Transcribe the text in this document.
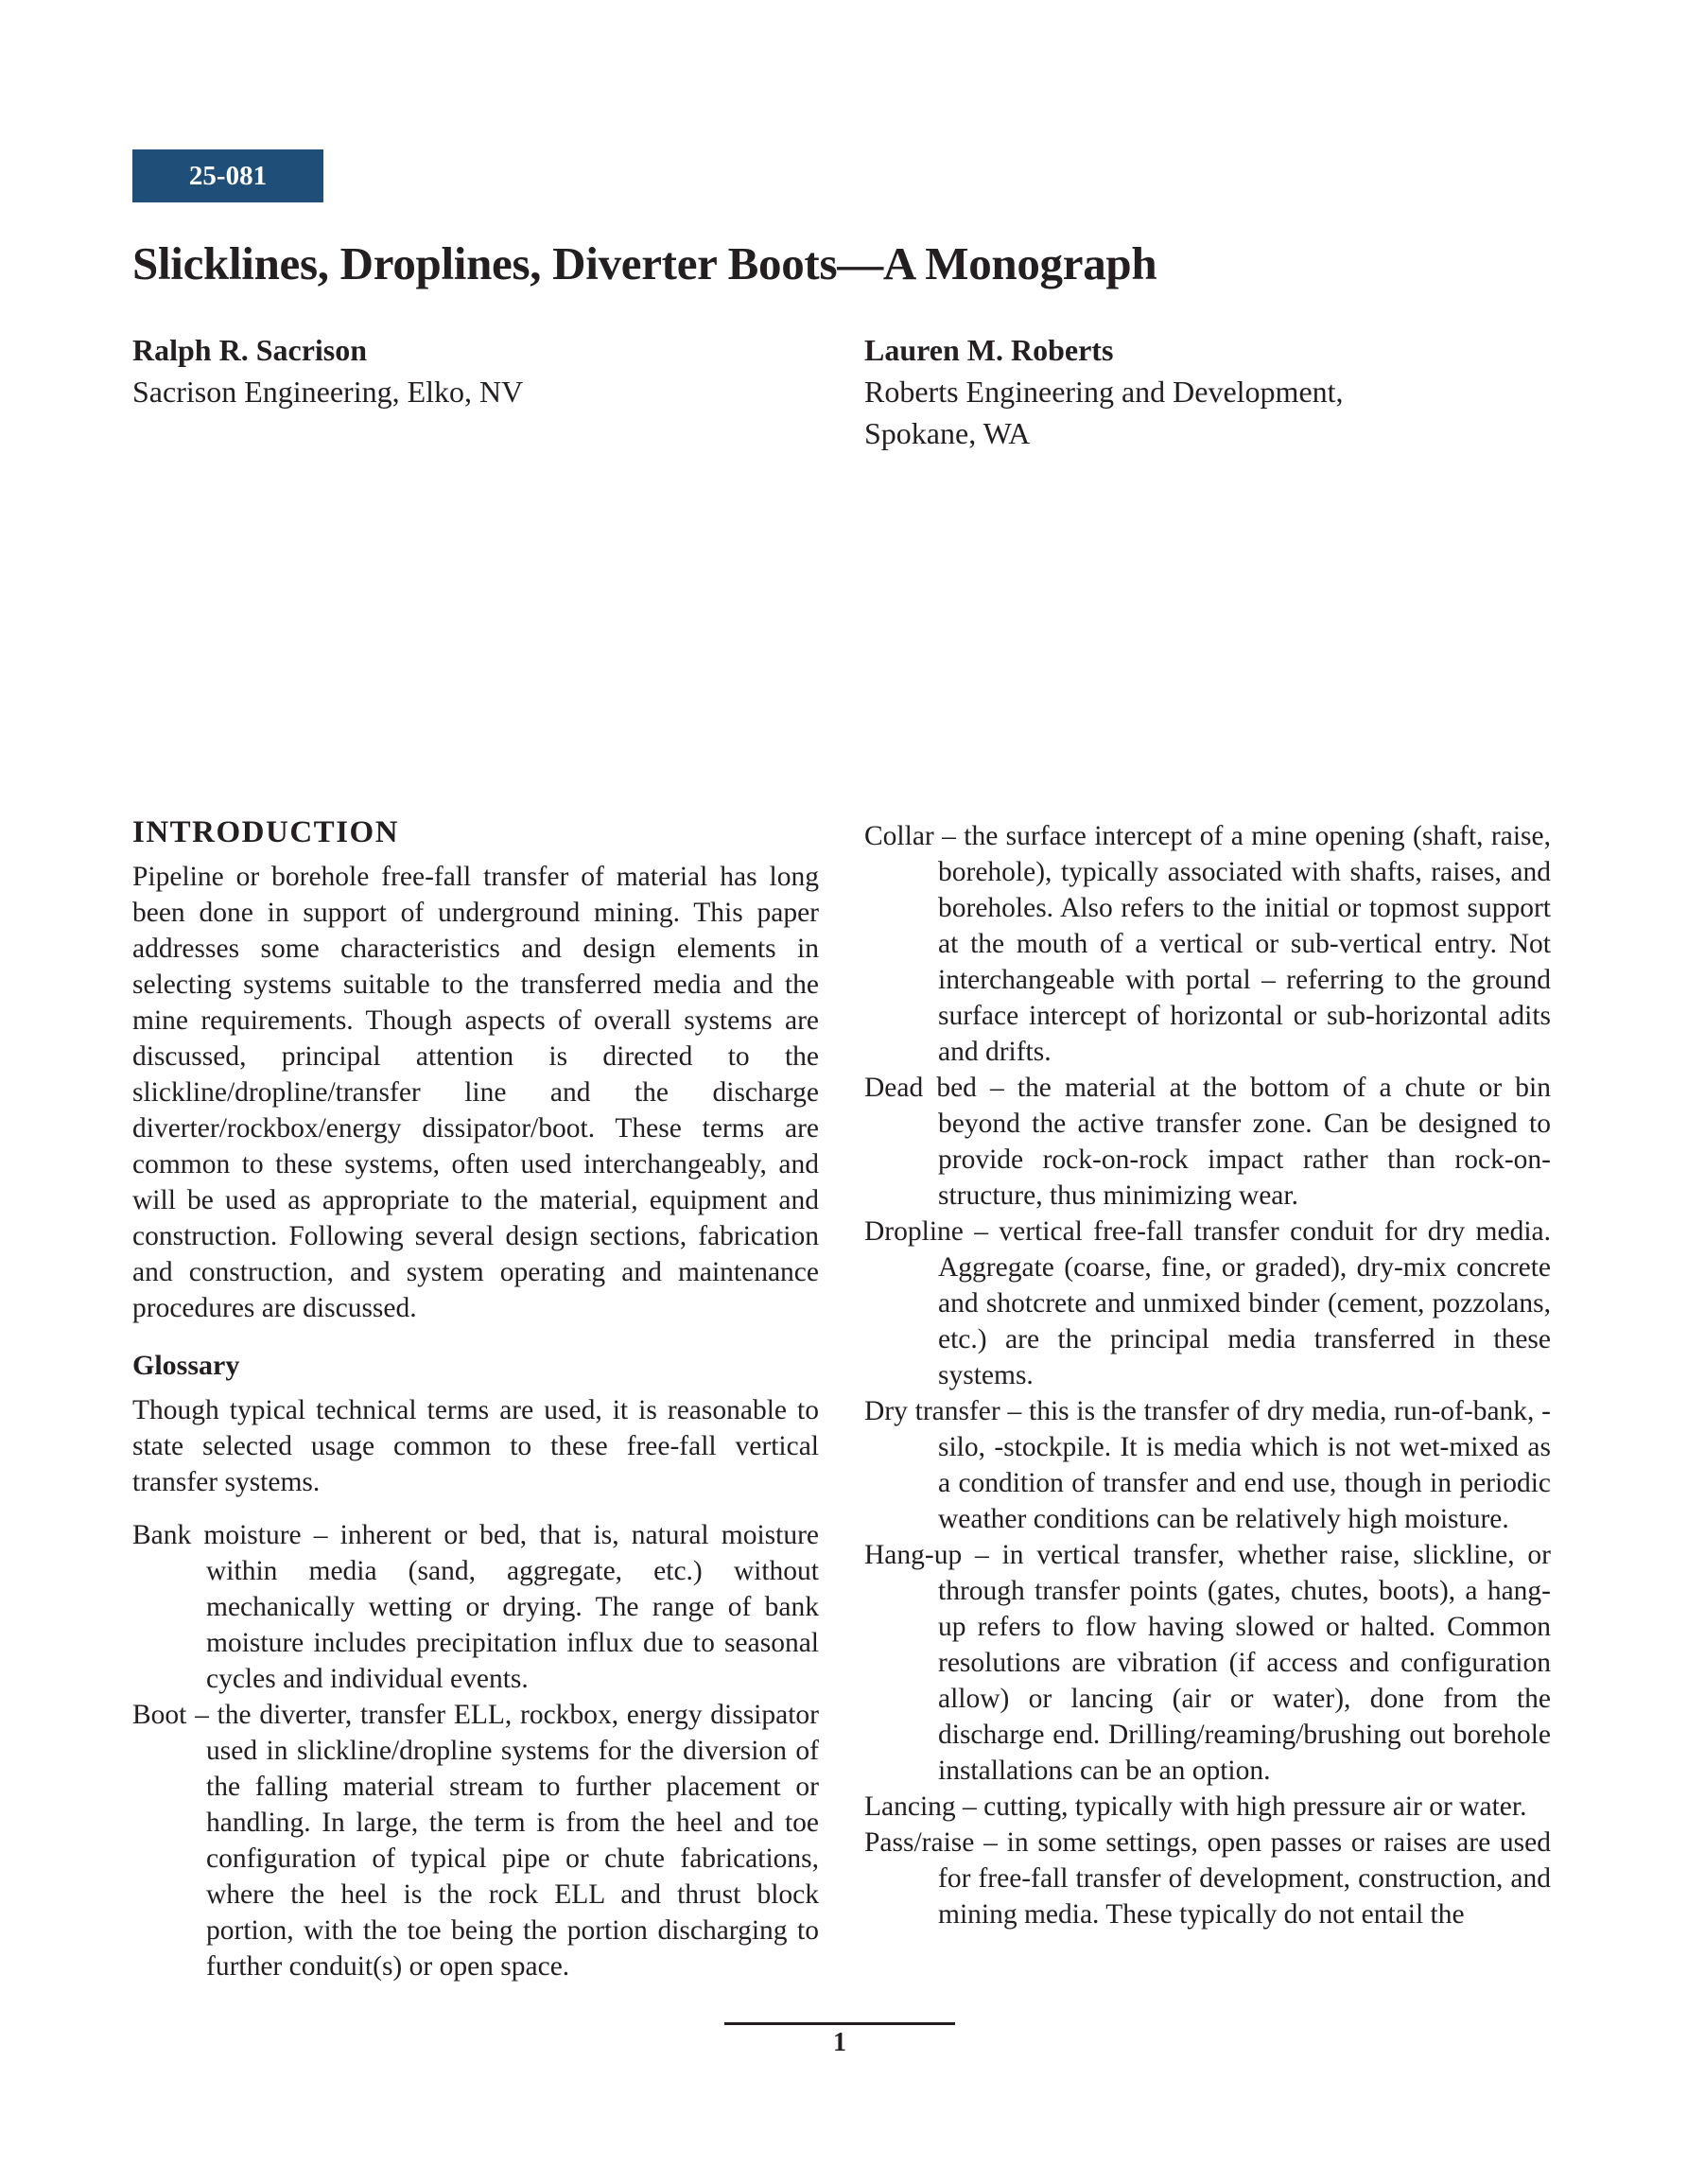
25-081
Slicklines, Droplines, Diverter Boots—A Monograph
Ralph R. Sacrison
Sacrison Engineering, Elko, NV
Lauren M. Roberts
Roberts Engineering and Development,
Spokane, WA
INTRODUCTION

Pipeline or borehole free-fall transfer of material has long been done in support of underground mining. This paper addresses some characteristics and design elements in selecting systems suitable to the transferred media and the mine requirements. Though aspects of overall systems are discussed, principal attention is directed to the slickline/dropline/transfer line and the discharge diverter/rockbox/energy dissipator/boot. These terms are common to these systems, often used interchangeably, and will be used as appropriate to the material, equipment and construction. Following several design sections, fabrication and construction, and system operating and maintenance procedures are discussed.

Glossary

Though typical technical terms are used, it is reasonable to state selected usage common to these free-fall vertical transfer systems.

Bank moisture – inherent or bed, that is, natural moisture within media (sand, aggregate, etc.) without mechanically wetting or drying. The range of bank moisture includes precipitation influx due to seasonal cycles and individual events.

Boot – the diverter, transfer ELL, rockbox, energy dissipator used in slickline/dropline systems for the diversion of the falling material stream to further placement or handling. In large, the term is from the heel and toe configuration of typical pipe or chute fabrications, where the heel is the rock ELL and thrust block portion, with the toe being the portion discharging to further conduit(s) or open space.

Collar – the surface intercept of a mine opening (shaft, raise, borehole), typically associated with shafts, raises, and boreholes. Also refers to the initial or topmost support at the mouth of a vertical or sub-vertical entry. Not interchangeable with portal – referring to the ground surface intercept of horizontal or sub-horizontal adits and drifts.

Dead bed – the material at the bottom of a chute or bin beyond the active transfer zone. Can be designed to provide rock-on-rock impact rather than rock-on-structure, thus minimizing wear.

Dropline – vertical free-fall transfer conduit for dry media. Aggregate (coarse, fine, or graded), dry-mix concrete and shotcrete and unmixed binder (cement, pozzolans, etc.) are the principal media transferred in these systems.

Dry transfer – this is the transfer of dry media, run-of-bank, -silo, -stockpile. It is media which is not wet-mixed as a condition of transfer and end use, though in periodic weather conditions can be relatively high moisture.

Hang-up – in vertical transfer, whether raise, slickline, or through transfer points (gates, chutes, boots), a hang-up refers to flow having slowed or halted. Common resolutions are vibration (if access and configuration allow) or lancing (air or water), done from the discharge end. Drilling/reaming/brushing out borehole installations can be an option.

Lancing – cutting, typically with high pressure air or water.

Pass/raise – in some settings, open passes or raises are used for free-fall transfer of development, construction, and mining media. These typically do not entail the

1
